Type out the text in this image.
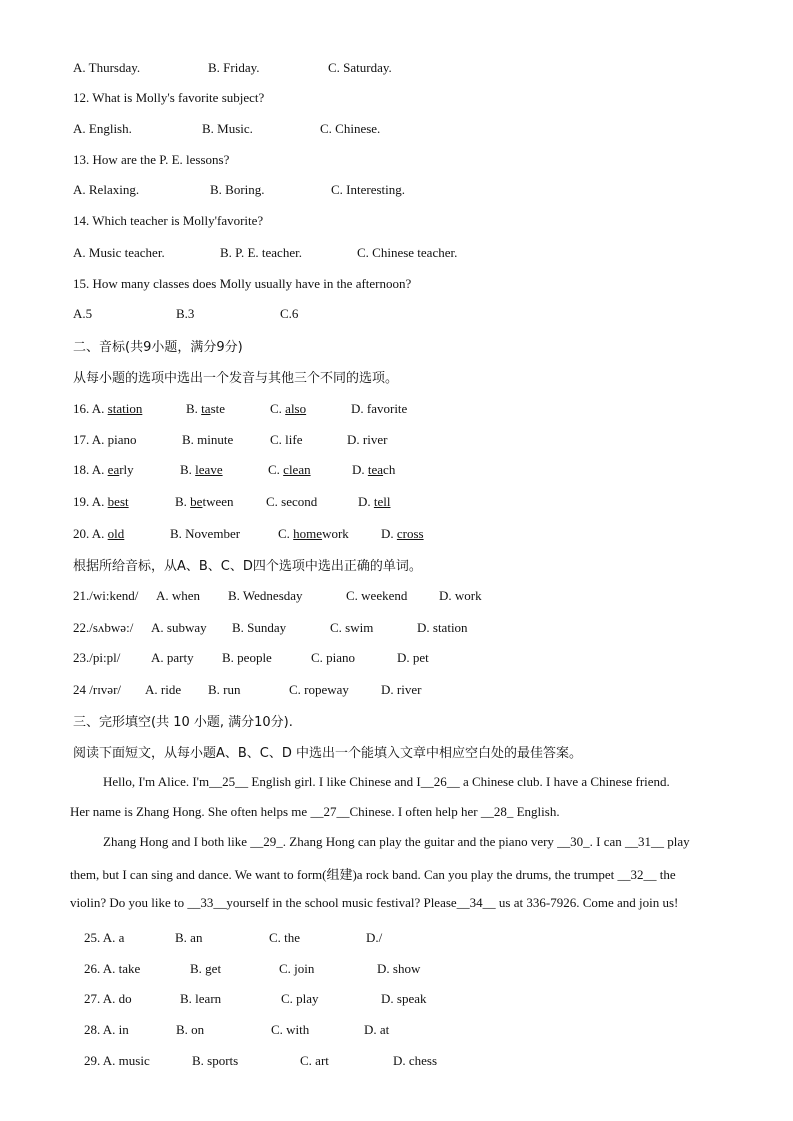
A. Thursday.	B. Friday.	C. Saturday.
12. What is Molly's favorite subject?
A. English.	B. Music.	C. Chinese.
13. How are the P. E. lessons?
A. Relaxing.	B. Boring.	C. Interesting.
14. Which teacher is Molly'favorite?
A. Music teacher.	B. P. E. teacher.	C. Chinese teacher.
15. How many classes does Molly usually have in the afternoon?
A.5	B.3	C.6
二、音标(共9小题，满分9分)
从每小题的选项中选出一个发音与其他三个不同的选项。
16. A. station	B. taste	C. also	D. favorite
17. A. piano	B. minute	C. life	D. river
18. A. early	B. leave	C. clean	D. teach
19. A. best	B. between	C. second	D. tell
20. A. old	B. November	C. homework D. cross
根据所给音标，从A、B、C、D四个选项中选出正确的单词。
21./wi:kend/ A. when B. Wednesday	C. weekend D. work
22./sʌbwə:/ A. subway B. Sunday	C. swim	D. station
23./pi:pl/ A. party B. people	C. piano	D. pet
24 /rɪvər/ A. ride B. run	C. ropeway D. river
三、完形填空(共 10 小题, 满分10分).
阅读下面短文，从每小题A、B、C、D 中选出一个能填入文章中相应空白处的最佳答案。
Hello, I'm Alice. I'm__25__ English girl. I like Chinese and I__26__ a Chinese club. I have a Chinese friend.
Her name is Zhang Hong. She often helps me __27__Chinese. I often help her __28_ English.
Zhang Hong and I both like __29_. Zhang Hong can play the guitar and the piano very __30_. I can __31__ play
them, but I can sing and dance. We want to form(组建)a rock band. Can you play the drums, the trumpet __32__ the
violin? Do you like to __33__yourself in the school music festival? Please__34__ us at 336-7926. Come and join us!
25. A. a	B. an	C. the	D./
26. A. take	B. get	C. join	D. show
27. A. do	B. learn	C. play	D. speak
28. A. in	B. on	C. with	D. at
29. A. music	B. sports	C. art	D. chess
